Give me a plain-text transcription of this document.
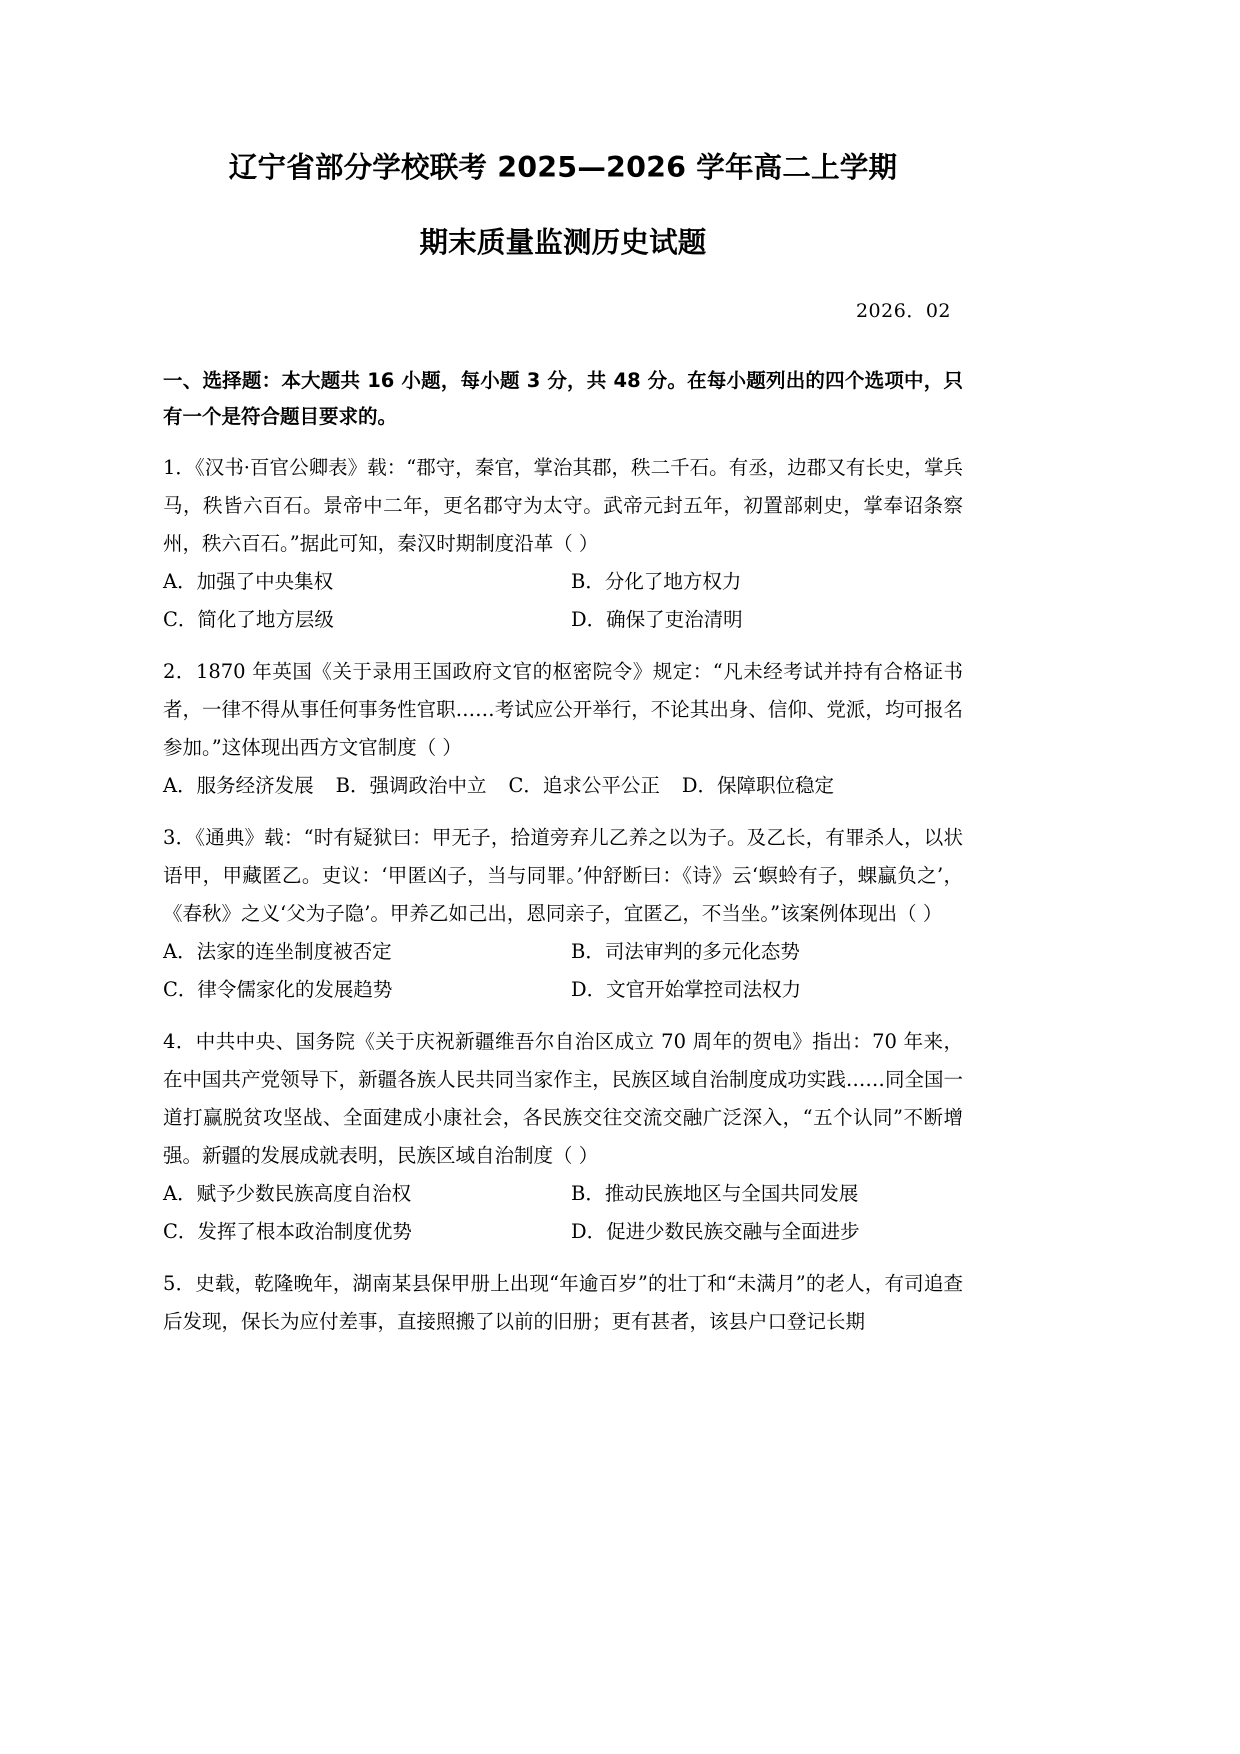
辽宁省部分学校联考 2025—2026 学年高二上学期
期末质量监测历史试题
2026．02
一、选择题：本大题共 16 小题，每小题 3 分，共 48 分。在每小题列出的四个选项中，只有一个是符合题目要求的。
1．《汉书·百官公卿表》载：“郡守，秦官，掌治其郡，秩二千石。有丞，边郡又有长史，掌兵马，秩皆六百石。景帝中二年，更名郡守为太守。武帝元封五年，初置部刺史，掌奉诏条察州，秩六百石。”据此可知，秦汉时期制度沿革（ ）
A．加强了中央集权	B．分化了地方权力
C．简化了地方层级	D．确保了吏治清明
2．1870 年英国《关于录用王国政府文官的枢密院令》规定：“凡未经考试并持有合格证书者，一律不得从事任何事务性官职……考试应公开举行，不论其出身、信仰、党派，均可报名参加。”这体现出西方文官制度（ ）
A．服务经济发展 B．强调政治中立 C．追求公平公正 D．保障职位稳定
3．《通典》载：“时有疑狱曰：甲无子，拾道旁弃儿乙养之以为子。及乙长，有罪杀人，以状语甲，甲藏匿乙。吏议：‘甲匿凶子，当与同罪。’仲舒断曰：《诗》云‘螟蛉有子，蜾蠃负之’，《春秋》之义‘父为子隐’。甲养乙如己出，恩同亲子，宜匿乙，不当坐。”该案例体现出（ ）
A．法家的连坐制度被否定	B．司法审判的多元化态势
C．律令儒家化的发展趋势	D．文官开始掌控司法权力
4．中共中央、国务院《关于庆祝新疆维吾尔自治区成立 70 周年的贺电》指出：70 年来，在中国共产党领导下，新疆各族人民共同当家作主，民族区域自治制度成功实践……同全国一道打赢脱贫攻坚战、全面建成小康社会，各民族交往交流交融广泛深入，“五个认同”不断增强。新疆的发展成就表明，民族区域自治制度（ ）
A．赋予少数民族高度自治权	B．推动民族地区与全国共同发展
C．发挥了根本政治制度优势	D．促进少数民族交融与全面进步
5．史载，乾隆晚年，湖南某县保甲册上出现“年逾百岁”的壮丁和“未满月”的老人，有司追查后发现，保长为应付差事，直接照搬了以前的旧册；更有甚者，该县户口登记长期
